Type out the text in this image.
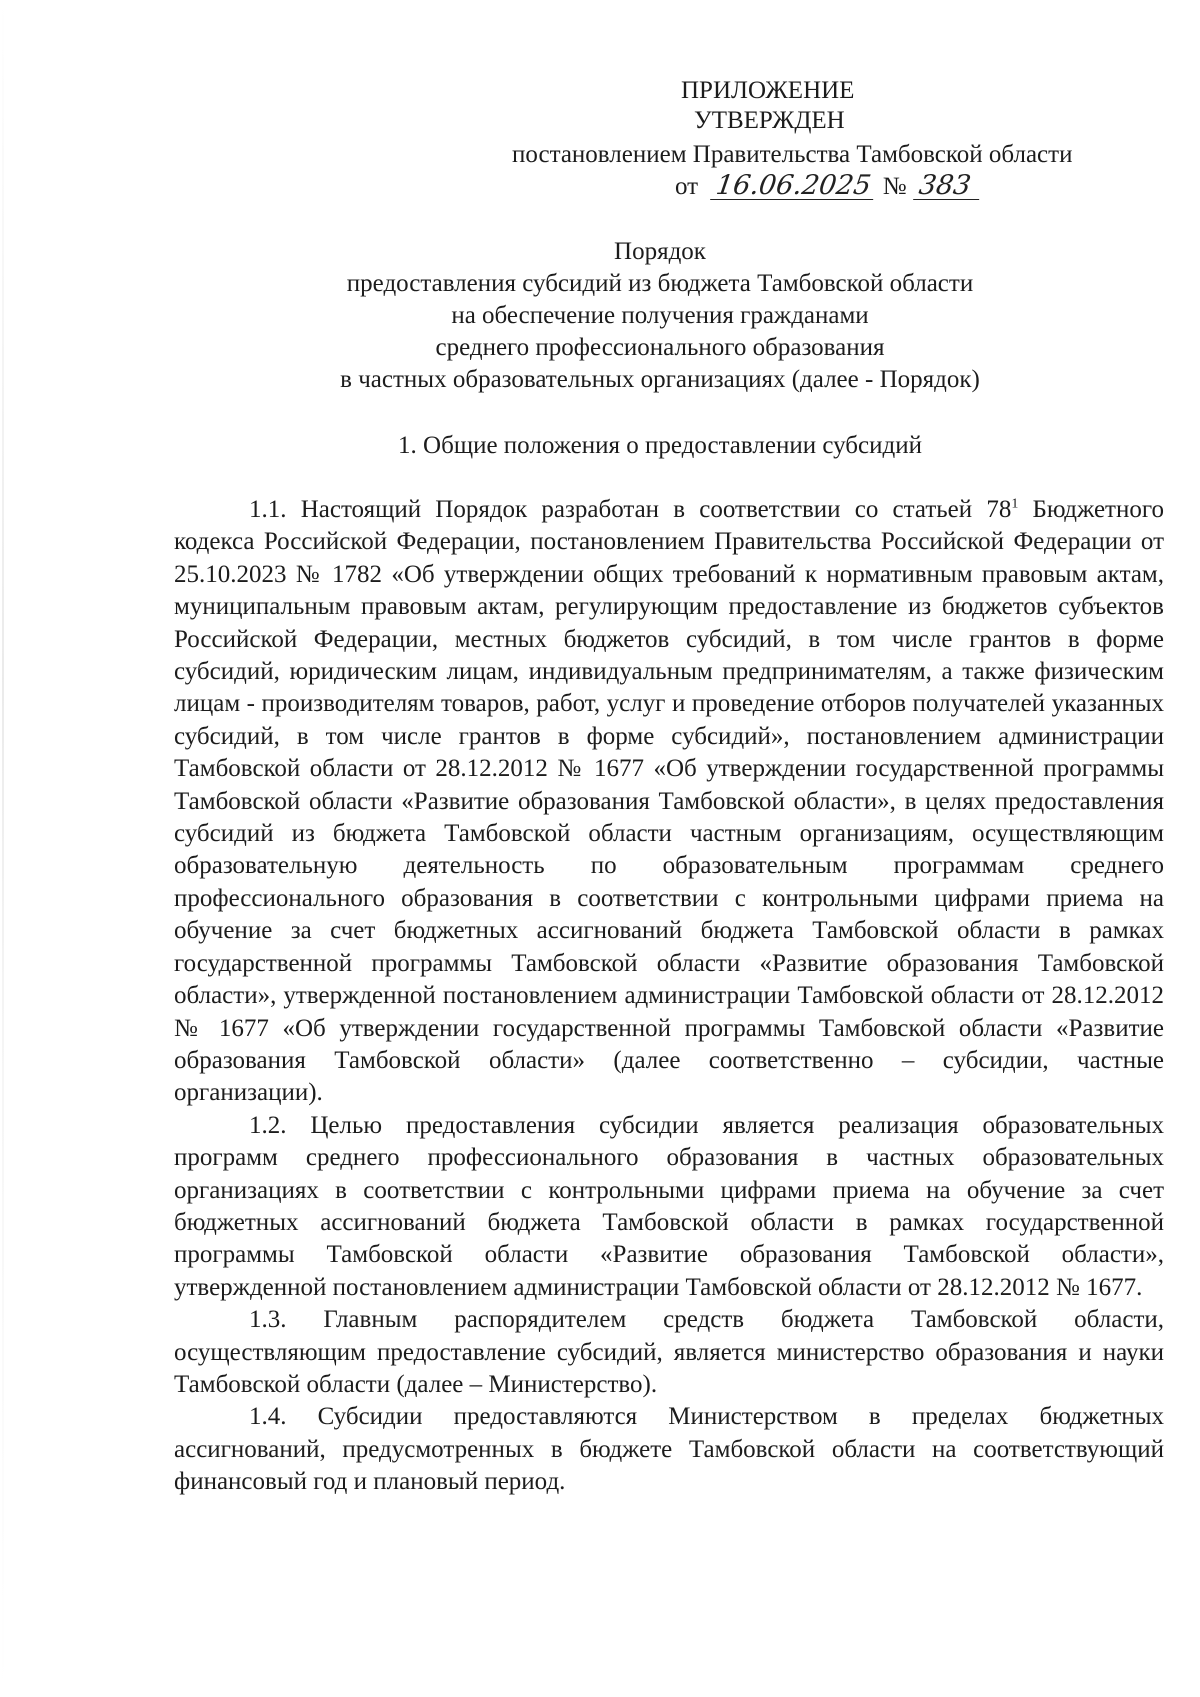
ПРИЛОЖЕНИЕ
УТВЕРЖДЕН
постановлением Правительства Тамбовской области
от 16.06.2025 № 383
Порядок
предоставления субсидий из бюджета Тамбовской области
на обеспечение получения гражданами
среднего профессионального образования
в частных образовательных организациях (далее - Порядок)
1. Общие положения о предоставлении субсидий

1.1. Настоящий Порядок разработан в соответствии со статьей $78^1$ Бюджетного кодекса Российской Федерации, постановлением Правительства Российской Федерации от 25.10.2023 № 1782 «Об утверждении общих требований к нормативным правовым актам, муниципальным правовым актам, регулирующим предоставление из бюджетов субъектов Российской Федерации, местных бюджетов субсидий, в том числе грантов в форме субсидий, юридическим лицам, индивидуальным предпринимателям, а также физическим лицам - производителям товаров, работ, услуг и проведение отборов получателей указанных субсидий, в том числе грантов в форме субсидий», постановлением администрации Тамбовской области от 28.12.2012 № 1677 «Об утверждении государственной программы Тамбовской области «Развитие образования Тамбовской области», в целях предоставления субсидий из бюджета Тамбовской области частным организациям, осуществляющим образовательную деятельность по образовательным программам среднего профессионального образования в соответствии с контрольными цифрами приема на обучение за счет бюджетных ассигнований бюджета Тамбовской области в рамках государственной программы Тамбовской области «Развитие образования Тамбовской области», утвержденной постановлением администрации Тамбовской области от 28.12.2012 № 1677 «Об утверждении государственной программы Тамбовской области «Развитие образования Тамбовской области» (далее соответственно – субсидии, частные организации).

1.2. Целью предоставления субсидии является реализация образовательных программ среднего профессионального образования в частных образовательных организациях в соответствии с контрольными цифрами приема на обучение за счет бюджетных ассигнований бюджета Тамбовской области в рамках государственной программы Тамбовской области «Развитие образования Тамбовской области», утвержденной постановлением администрации Тамбовской области от 28.12.2012 № 1677.

1.3. Главным распорядителем средств бюджета Тамбовской области, осуществляющим предоставление субсидий, является министерство образования и науки Тамбовской области (далее – Министерство).

1.4. Субсидии предоставляются Министерством в пределах бюджетных ассигнований, предусмотренных в бюджете Тамбовской области на соответствующий финансовый год и плановый период.
